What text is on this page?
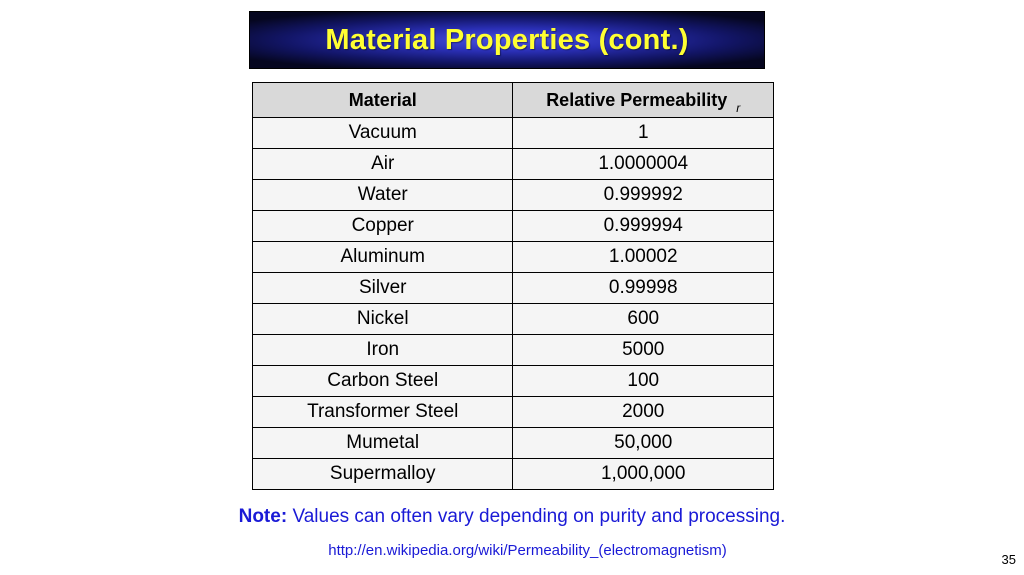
Material Properties (cont.)
Material	Relative Permeability $_r$
Vacuum	1
Air	1.0000004
Water	0.999992
Copper	0.999994
Aluminum	1.00002
Silver	0.99998
Nickel	600
Iron	5000
Carbon Steel	100
Transformer Steel	2000
Mumetal	50,000
Supermalloy	1,000,000
Note: Values can often vary depending on purity and processing.
http://en.wikipedia.org/wiki/Permeability_(electromagnetism)
35
